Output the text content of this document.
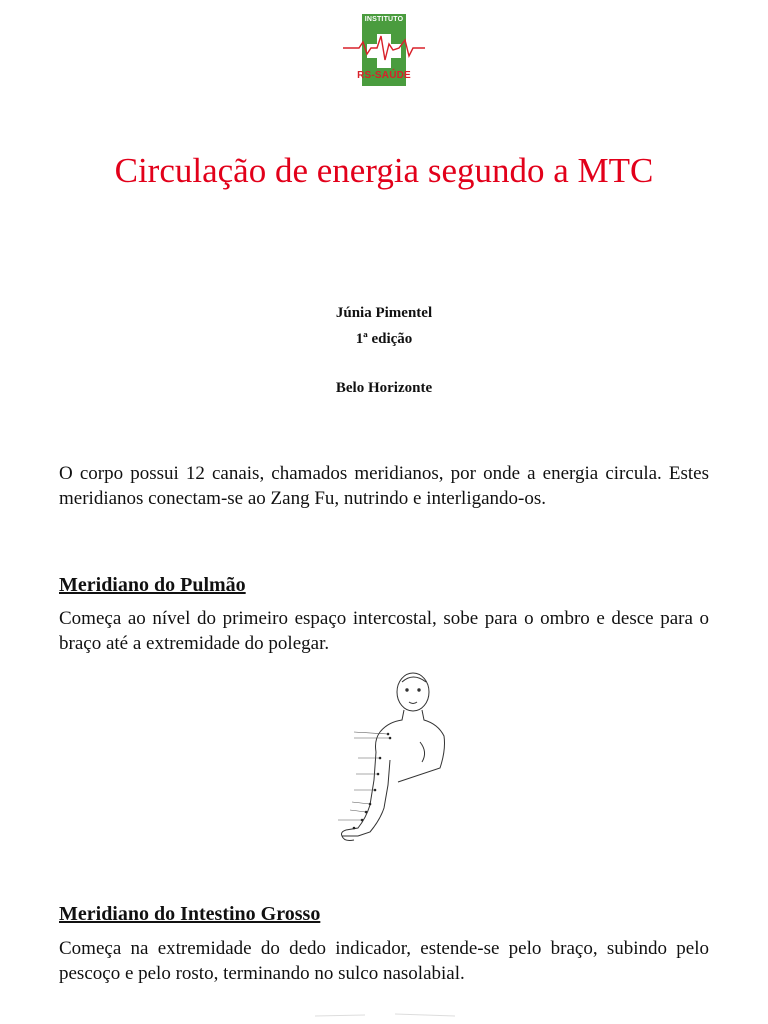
INSTITUTO
RS-SAÚDE
Circulação de energia segundo a MTC

Júnia Pimentel

1ª edição

Belo Horizonte

O corpo possui 12 canais, chamados meridianos, por onde a energia circula. Estes meridianos conectam-se ao Zang Fu, nutrindo e interligando-os.

Meridiano do Pulmão

Começa ao nível do primeiro espaço intercostal, sobe para o ombro e desce para o braço até a extremidade do polegar.

Meridiano do Intestino Grosso

Começa na extremidade do dedo indicador, estende-se pelo braço, subindo pelo pescoço e pelo rosto, terminando no sulco nasolabial.
